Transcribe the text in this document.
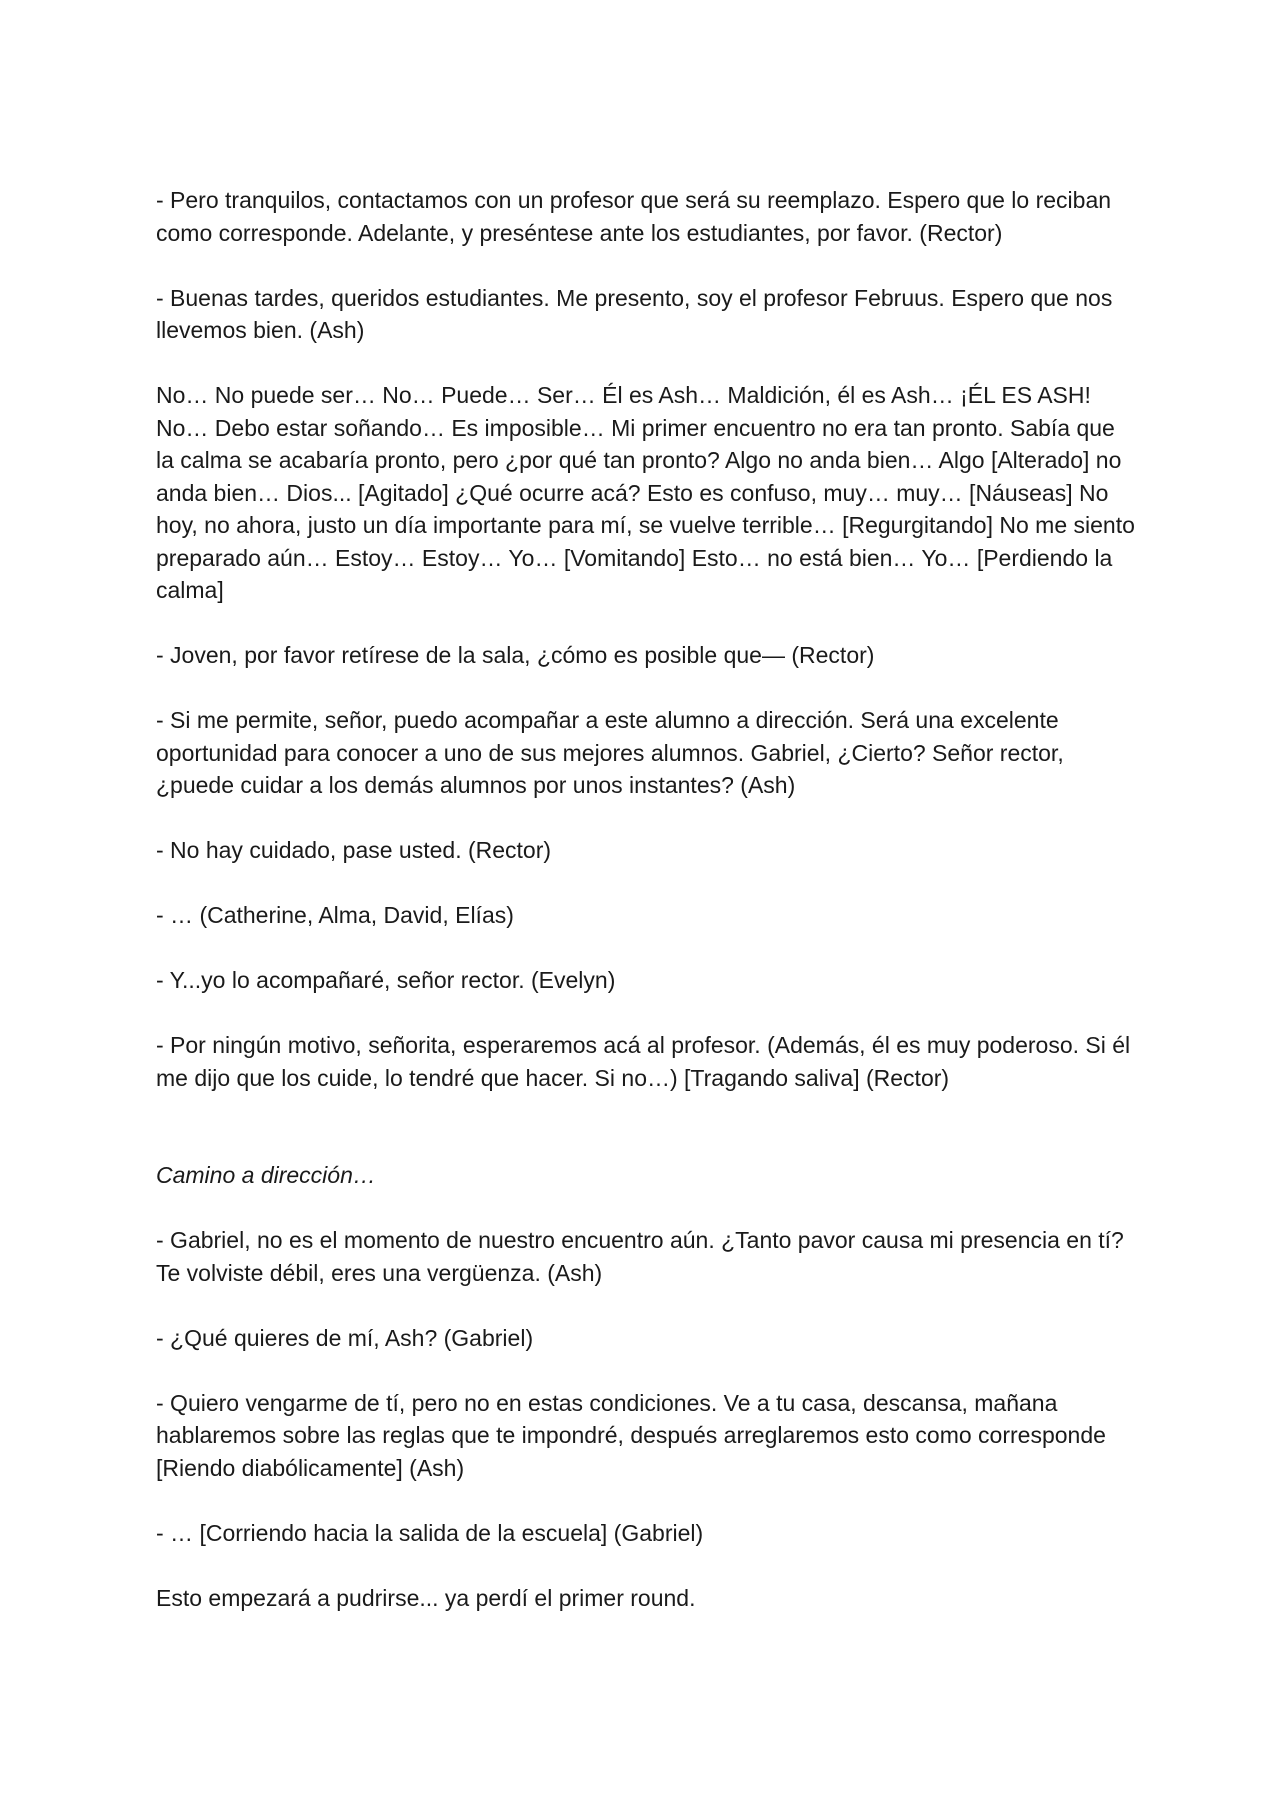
- Pero tranquilos, contactamos con un profesor que será su reemplazo. Espero que lo reciban como corresponde. Adelante, y preséntese ante los estudiantes, por favor. (Rector)

- Buenas tardes, queridos estudiantes. Me presento, soy el profesor Februus. Espero que nos llevemos bien. (Ash)

No… No puede ser… No… Puede… Ser… Él es Ash… Maldición, él es Ash… ¡ÉL ES ASH! No… Debo estar soñando… Es imposible… Mi primer encuentro no era tan pronto. Sabía que la calma se acabaría pronto, pero ¿por qué tan pronto? Algo no anda bien… Algo [Alterado] no anda bien… Dios... [Agitado] ¿Qué ocurre acá? Esto es confuso, muy… muy… [Náuseas] No hoy, no ahora, justo un día importante para mí, se vuelve terrible… [Regurgitando] No me siento preparado aún… Estoy… Estoy… Yo… [Vomitando] Esto… no está bien… Yo… [Perdiendo la calma]

- Joven, por favor retírese de la sala, ¿cómo es posible que— (Rector)

- Si me permite, señor, puedo acompañar a este alumno a dirección. Será una excelente oportunidad para conocer a uno de sus mejores alumnos. Gabriel, ¿Cierto? Señor rector, ¿puede cuidar a los demás alumnos por unos instantes? (Ash)

- No hay cuidado, pase usted. (Rector)

- … (Catherine, Alma, David, Elías)

- Y...yo lo acompañaré, señor rector. (Evelyn)

- Por ningún motivo, señorita, esperaremos acá al profesor. (Además, él es muy poderoso. Si él me dijo que los cuide, lo tendré que hacer. Si no…) [Tragando saliva] (Rector)

Camino a dirección…

- Gabriel, no es el momento de nuestro encuentro aún. ¿Tanto pavor causa mi presencia en tí? Te volviste débil, eres una vergüenza. (Ash)

- ¿Qué quieres de mí, Ash? (Gabriel)

- Quiero vengarme de tí, pero no en estas condiciones. Ve a tu casa, descansa, mañana hablaremos sobre las reglas que te impondré, después arreglaremos esto como corresponde [Riendo diabólicamente] (Ash)

- … [Corriendo hacia la salida de la escuela] (Gabriel)

Esto empezará a pudrirse... ya perdí el primer round.
